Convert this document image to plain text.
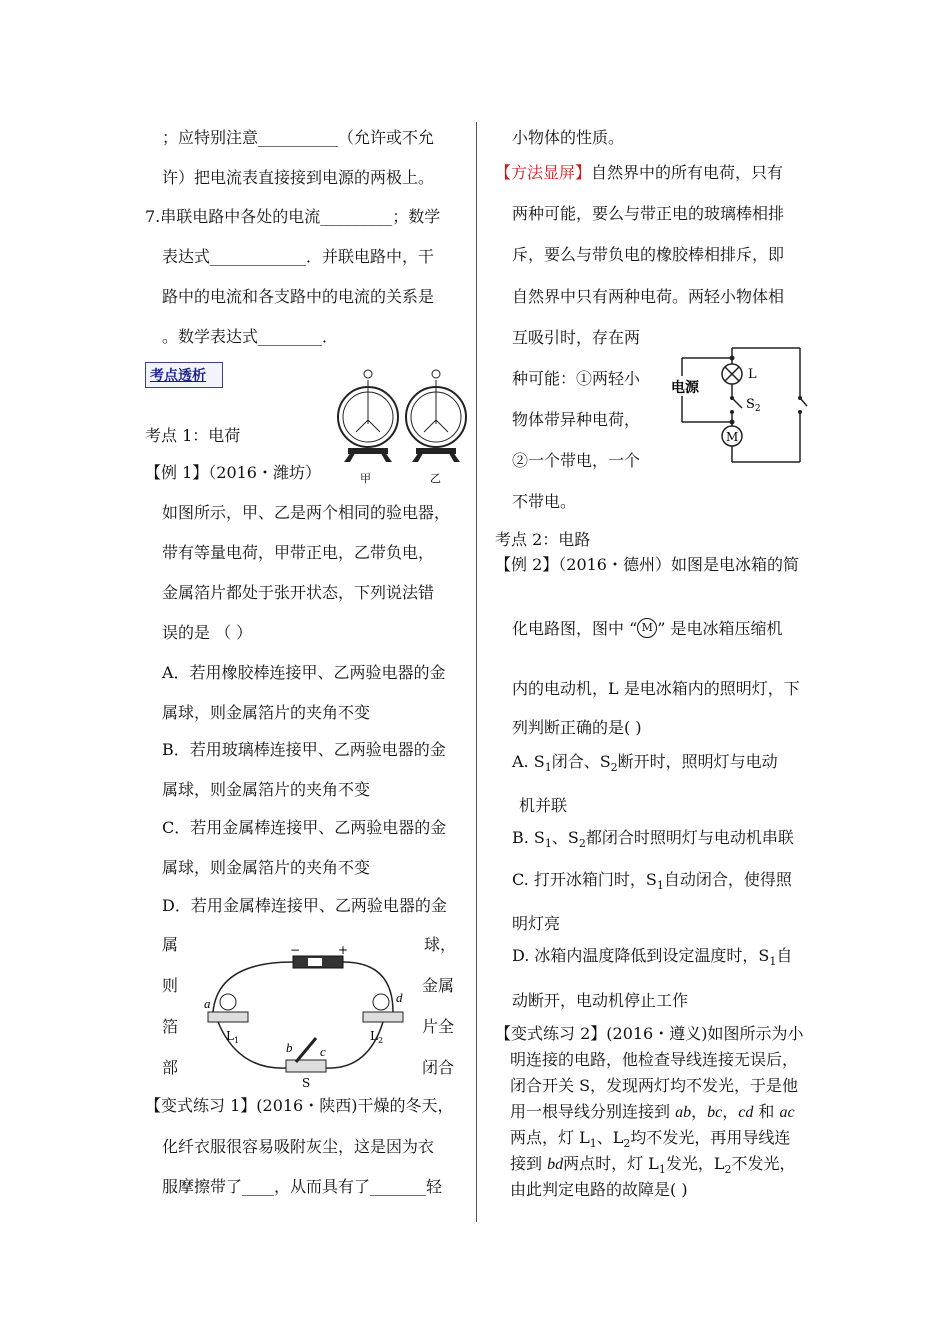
；应特别注意__________（允许或不允
许）把电流表直接接到电源的两极上。
7.串联电路中各处的电流_________；数学
表达式____________．并联电路中，干
路中的电流和各支路中的电流的关系是
。数学表达式________．
考点透析
考点 1：电荷
【例 1】（2016・潍坊）
如图所示，甲、乙是两个相同的验电器，
带有等量电荷，甲带正电，乙带负电，
金属箔片都处于张开状态，下列说法错
误的是 （ ）
A．若用橡胶棒连接甲、乙两验电器的金
属球，则金属箔片的夹角不变
B．若用玻璃棒连接甲、乙两验电器的金
属球，则金属箔片的夹角不变
C．若用金属棒连接甲、乙两验电器的金
属球，则金属箔片的夹角不变
D．若用金属棒连接甲、乙两验电器的金
属
则
箔
部
球，
金属
片全
闭合
【变式练习 1】(2016・陕西)干燥的冬天，
化纤衣服很容易吸附灰尘，这是因为衣
服摩擦带了____，从而具有了_______轻
甲	乙
−	+
a
b c
d
$L_1$	$L_2$
S
小物体的性质。
【方法显屏】自然界中的所有电荷，只有
两种可能，要么与带正电的玻璃棒相排
斥，要么与带负电的橡胶棒相排斥，即
自然界中只有两种电荷。两轻小物体相
互吸引时，存在两
种可能：①两轻小
物体带异种电荷，
②一个带电，一个
不带电。
电源
L
$S_2$
M
考点 2：电路
【例 2】（2016・德州）如图是电冰箱的简
化电路图，图中 “ M ” 是电冰箱压缩机
内的电动机，L 是电冰箱内的照明灯，下
列判断正确的是( )
A. $S_1$闭合、$S_2$断开时，照明灯与电动
机并联
B. $S_1$、$S_2$都闭合时照明灯与电动机串联
C. 打开冰箱门时，$S_1$自动闭合，使得照
明灯亮
D. 冰箱内温度降低到设定温度时，$S_1$自
动断开，电动机停止工作
【变式练习 2】(2016・遵义)如图所示为小
明连接的电路，他检查导线连接无误后，
闭合开关 S，发现两灯均不发光，于是他
用一根导线分别连接到 ab，bc，cd 和 ac
两点，灯 $L_1$、$L_2$均不发光，再用导线连
接到 bd两点时，灯 $L_1$发光，$L_2$不发光，
由此判定电路的故障是( )
